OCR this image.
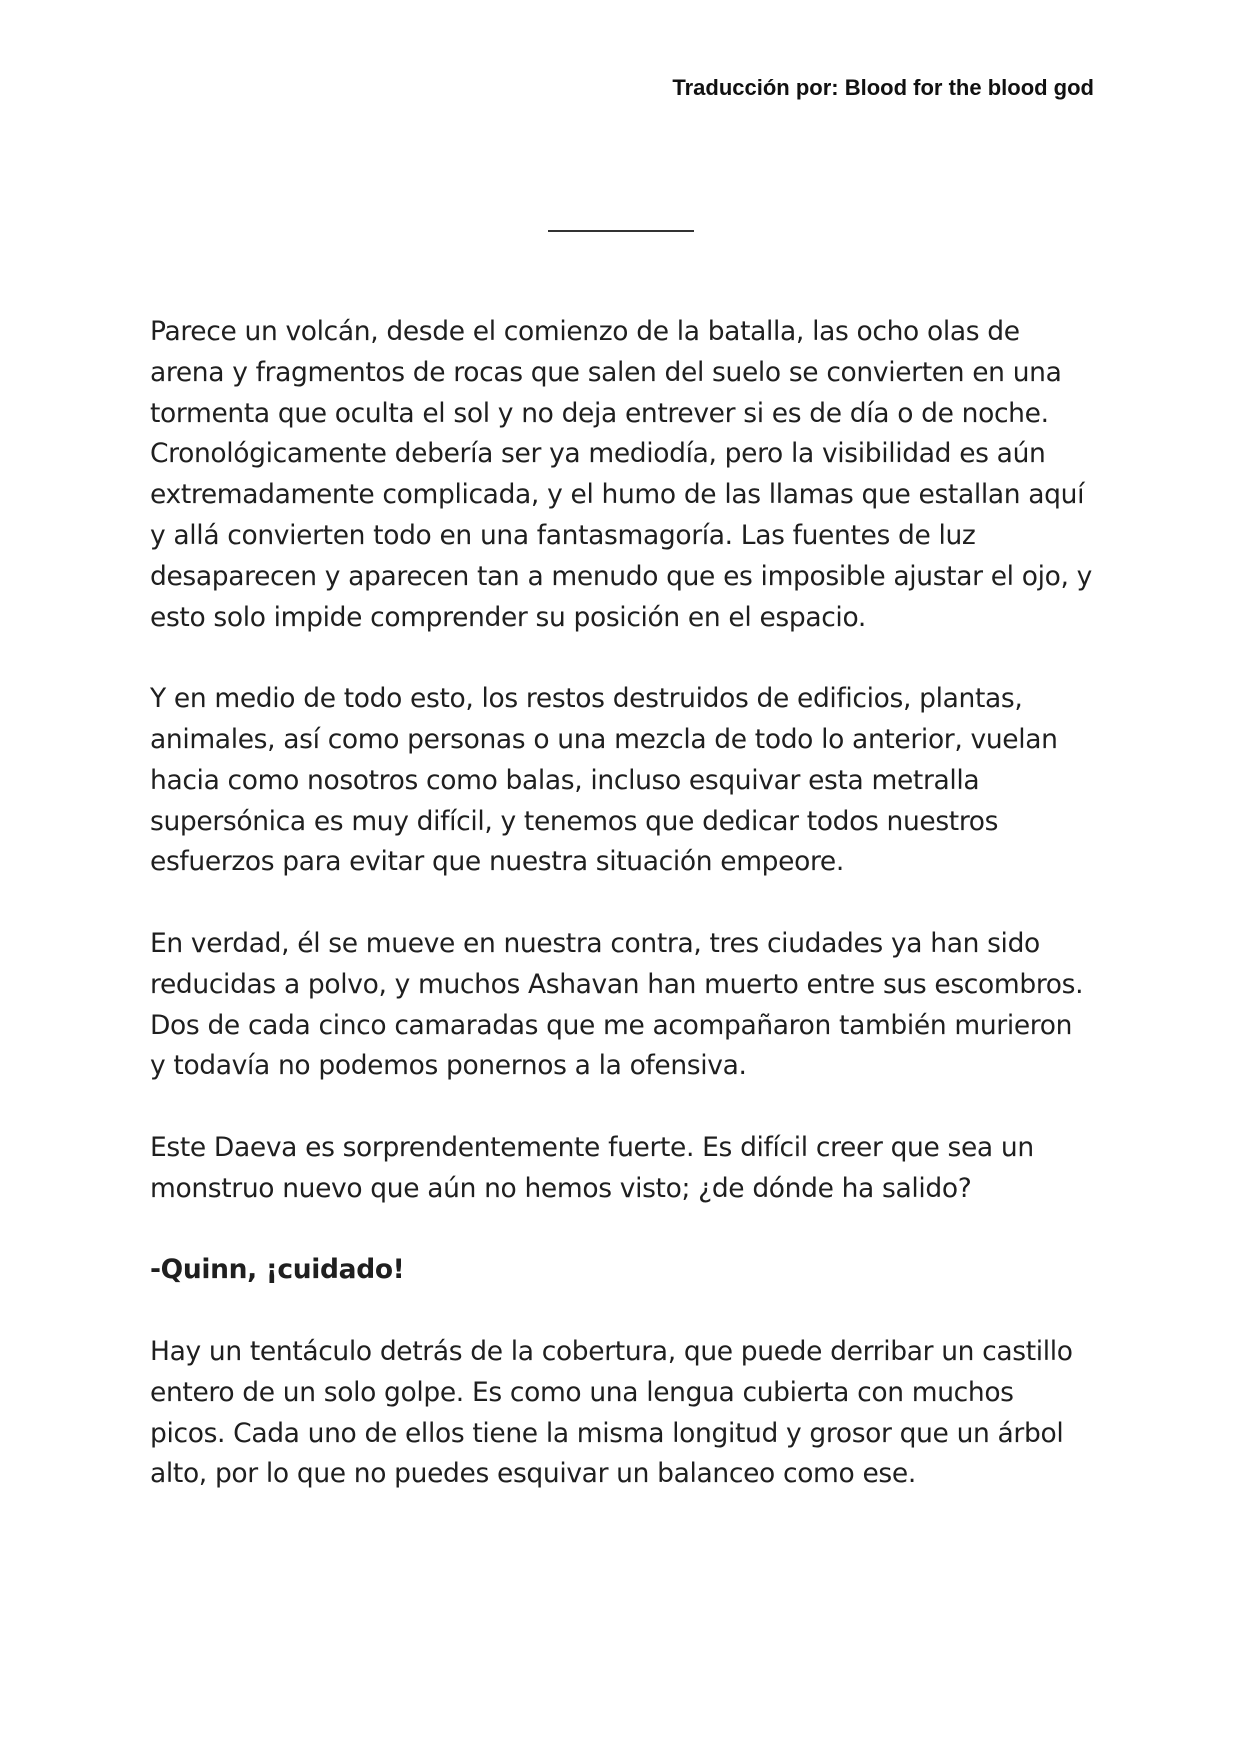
Traducción por: Blood for the blood god

Parece un volcán, desde el comienzo de la batalla, las ocho olas de arena y fragmentos de rocas que salen del suelo se convierten en una tormenta que oculta el sol y no deja entrever si es de día o de noche. Cronológicamente debería ser ya mediodía, pero la visibilidad es aún extremadamente complicada, y el humo de las llamas que estallan aquí y allá convierten todo en una fantasmagoría. Las fuentes de luz desaparecen y aparecen tan a menudo que es imposible ajustar el ojo, y esto solo impide comprender su posición en el espacio.

Y en medio de todo esto, los restos destruidos de edificios, plantas, animales, así como personas o una mezcla de todo lo anterior, vuelan hacia como nosotros como balas, incluso esquivar esta metralla supersónica es muy difícil, y tenemos que dedicar todos nuestros esfuerzos para evitar que nuestra situación empeore.

En verdad, él se mueve en nuestra contra, tres ciudades ya han sido reducidas a polvo, y muchos Ashavan han muerto entre sus escombros. Dos de cada cinco camaradas que me acompañaron también murieron y todavía no podemos ponernos a la ofensiva.

Este Daeva es sorprendentemente fuerte. Es difícil creer que sea un monstruo nuevo que aún no hemos visto; ¿de dónde ha salido?

-Quinn, ¡cuidado!

Hay un tentáculo detrás de la cobertura, que puede derribar un castillo entero de un solo golpe. Es como una lengua cubierta con muchos picos. Cada uno de ellos tiene la misma longitud y grosor que un árbol alto, por lo que no puedes esquivar un balanceo como ese.
